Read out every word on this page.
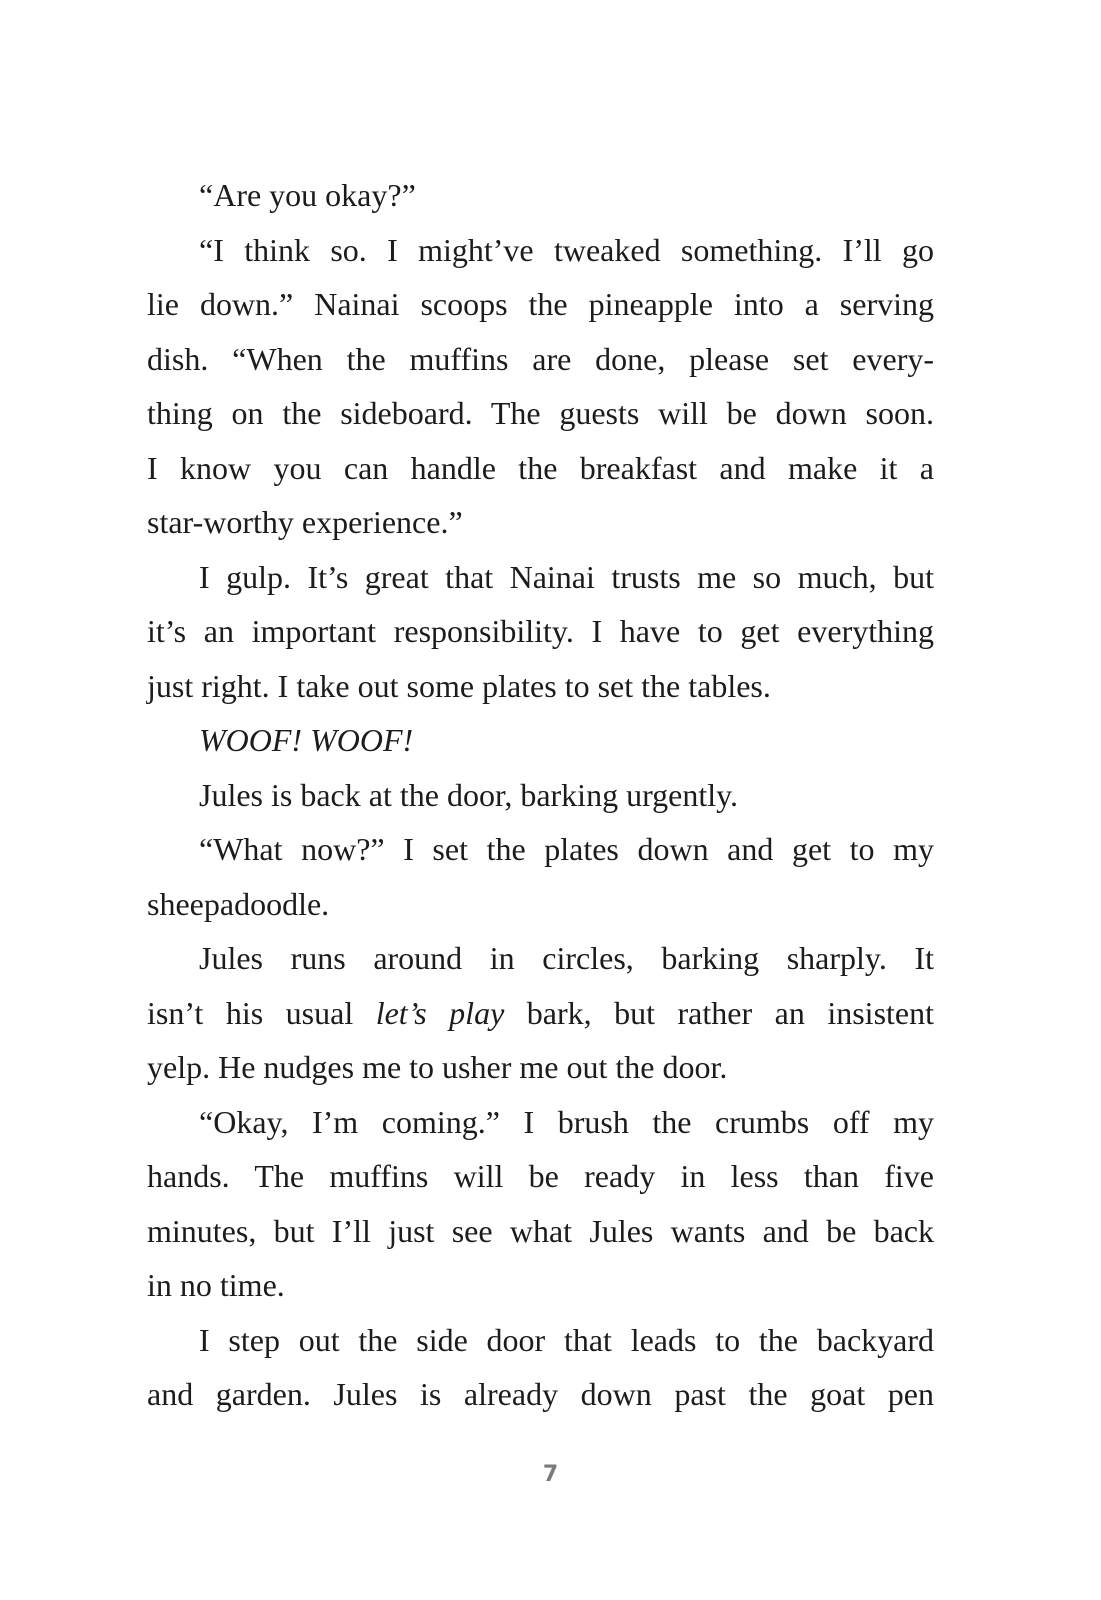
“Are you okay?”
“I think so. I might’ve tweaked something. I’ll go
lie down.” Nainai scoops the pineapple into a serving
dish. “When the muffins are done, please set every-
thing on the sideboard. The guests will be down soon.
I know you can handle the breakfast and make it a
star-worthy experience.”
I gulp. It’s great that Nainai trusts me so much, but
it’s an important responsibility. I have to get everything
just right. I take out some plates to set the tables.
WOOF! WOOF!
Jules is back at the door, barking urgently.
“What now?” I set the plates down and get to my
sheepadoodle.
Jules runs around in circles, barking sharply. It
isn’t his usual let’s play bark, but rather an insistent
yelp. He nudges me to usher me out the door.
“Okay, I’m coming.” I brush the crumbs off my
hands. The muffins will be ready in less than five
minutes, but I’ll just see what Jules wants and be back
in no time.
I step out the side door that leads to the backyard
and garden. Jules is already down past the goat pen
7
